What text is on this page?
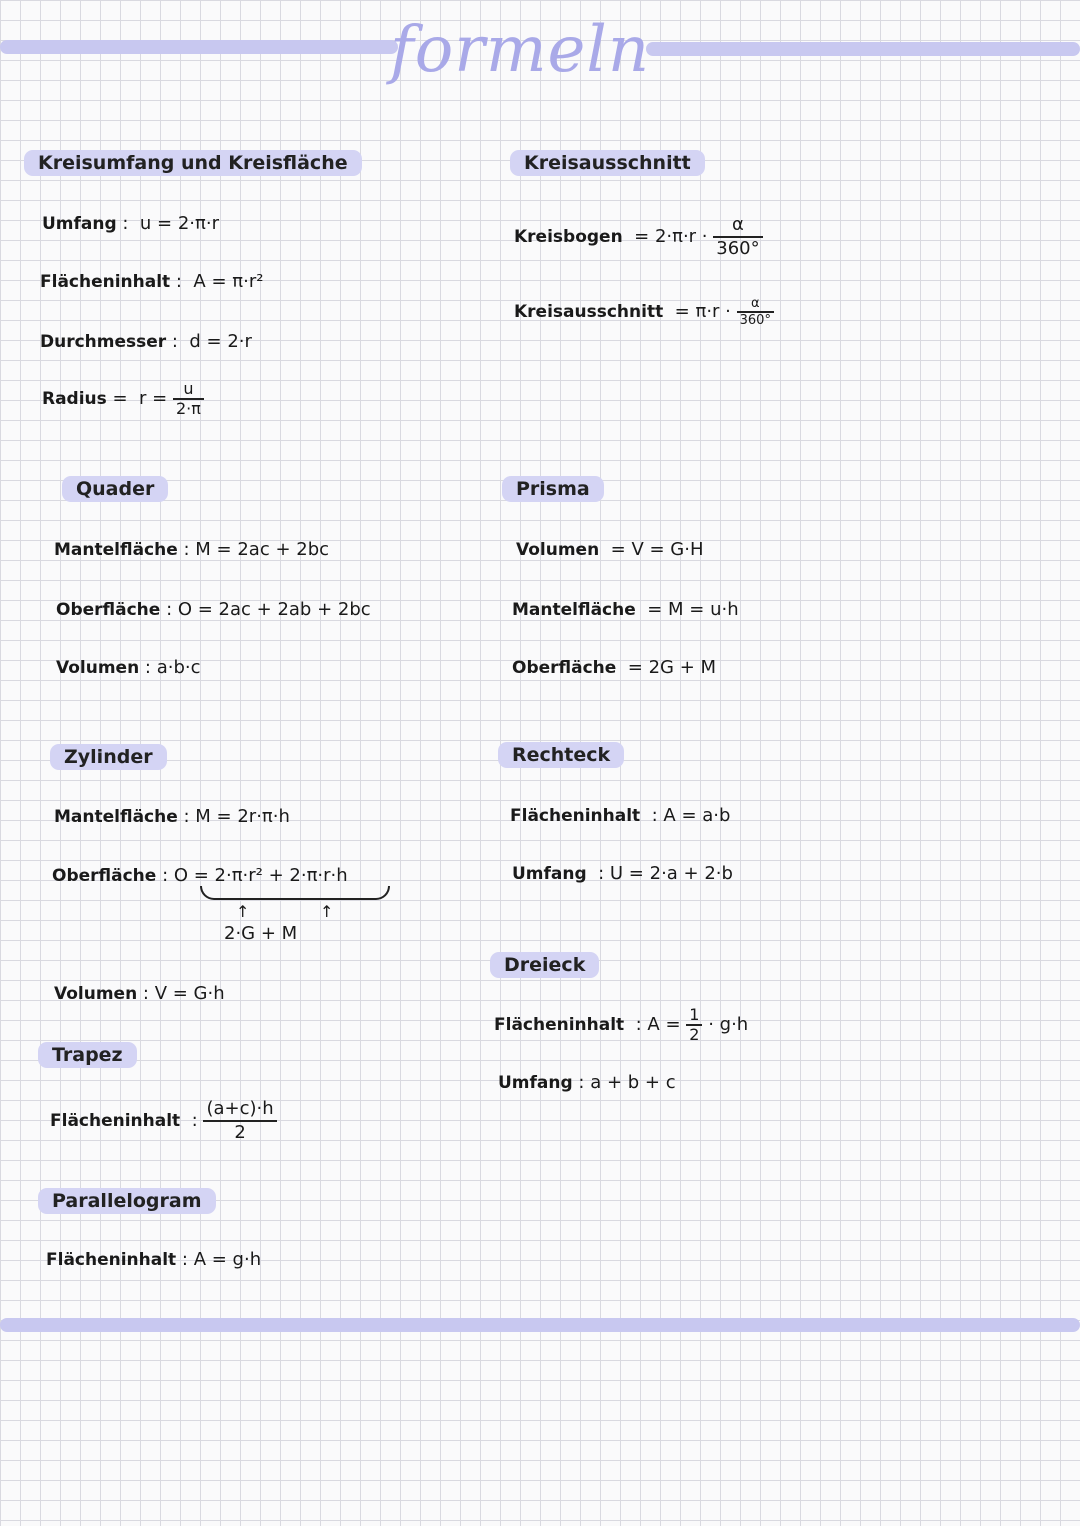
formeln
Kreisumfang und Kreisfläche
Umfang :  u = 2·π·r
Flächeninhalt :  A = π·r²
Durchmesser :  d = 2·r
Radius =  $r = \frac{u}{2\cdot\pi}$
Kreisausschnitt
Kreisbogen = $2\cdot\pi\cdot r \cdot \frac{\alpha}{360^\circ}$
Kreisausschnitt = $\pi\cdot r \cdot \frac{\alpha}{360^\circ}$
Quader
Mantelfläche : M = 2ac + 2bc
Oberfläche : O = 2ac + 2ab + 2bc
Volumen : a·b·c
Prisma
Volumen = V = G·H
Mantelfläche = M = u·h
Oberfläche = 2G + M
Zylinder
Mantelfläche : M = 2r·π·h
Oberfläche : O = 2·π·r² + 2·π·r·h
↑	↑
2·G + M
Volumen : V = G·h
Rechteck
Flächeninhalt : A = a·b
Umfang : U = 2·a + 2·b
Dreieck
Flächeninhalt : $A = \frac{1}{2} \cdot g\cdot h$
Umfang : a + b + c
Trapez
Flächeninhalt : $\frac{(a+c)\cdot h}{2}$
Parallelogram
Flächeninhalt : A = g·h
